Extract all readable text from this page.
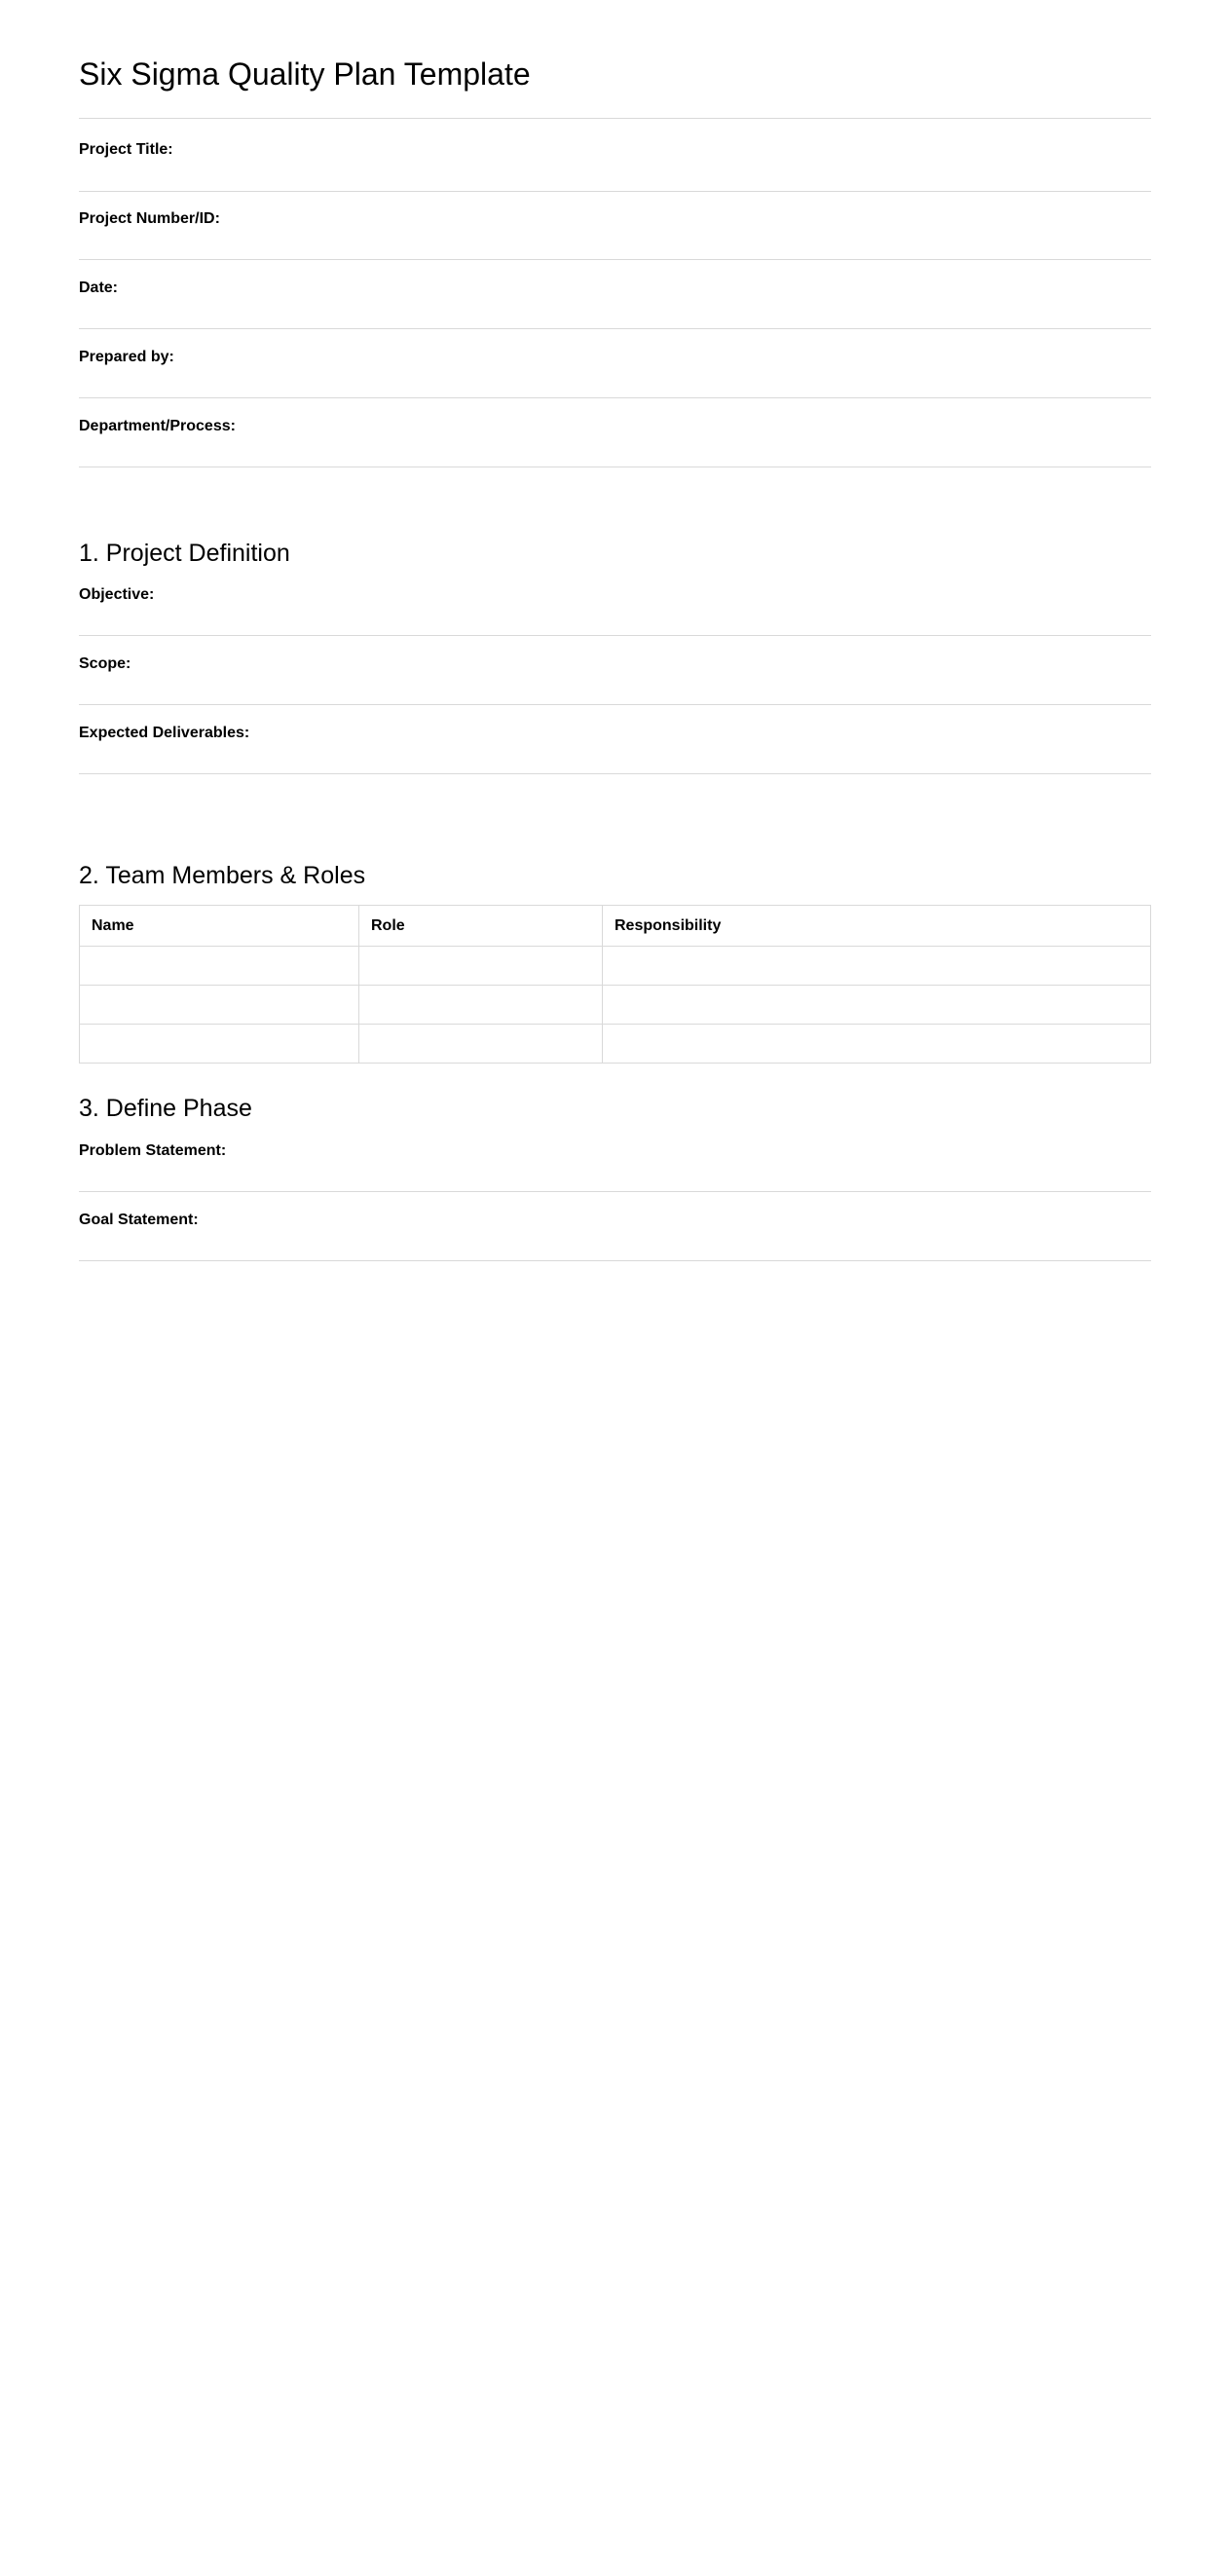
Six Sigma Quality Plan Template
Project Title:
Project Number/ID:
Date:
Prepared by:
Department/Process:
1. Project Definition
Objective:
Scope:
Expected Deliverables:
2. Team Members & Roles
Name	Role	Responsibility

3. Define Phase
Problem Statement:
Goal Statement:
